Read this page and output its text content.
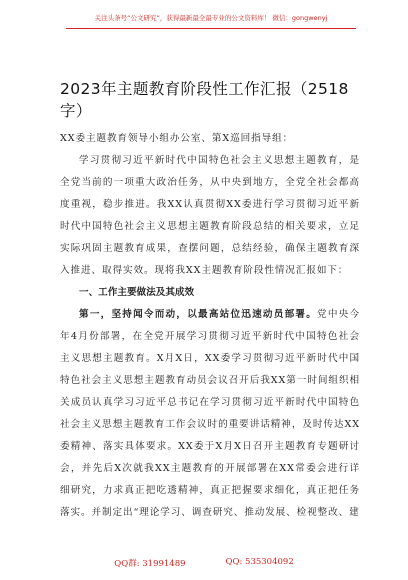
关注头条号“公文研究”，获得最新最全最专业的公文资料库！ 微信：gongwenyj
2023年主题教育阶段性工作汇报（2518字）

XX委主题教育领导小组办公室、第X巡回指导组：

学习贯彻习近平新时代中国特色社会主义思想主题教育，是全党当前的一项重大政治任务，从中央到地方，全党全社会都高度重视，稳步推进。我XX认真贯彻XX委进行学习贯彻习近平新时代中国特色社会主义思想主题教育阶段总结的相关要求，立足实际巩固主题教育成果，查摆问题，总结经验，确保主题教育深入推进、取得实效。现将我XX主题教育阶段性情况汇报如下：

一、工作主要做法及其成效

第一，坚持闻令而动，以最高站位迅速动员部署。党中央今年4月份部署，在全党开展学习贯彻习近平新时代中国特色社会主义思想主题教育。X月X日，XX委学习贯彻习近平新时代中国特色社会主义思想主题教育动员会议召开后我XX第一时间组织相关成员认真学习习近平总书记在学习贯彻习近平新时代中国特色社会主义思想主题教育工作会议时的重要讲话精神，及时传达XX委精神、落实具体要求。XX委于X月X日召开主题教育专题研讨会，并先后X次就我XX主题教育的开展部署在XX常委会进行详细研究，力求真正把吃透精神，真正把握要求细化，真正把任务落实。并制定出“理论学习、调查研究、推动发展、检视整改、建

QQ群: 31991489	QQ: 535304092
